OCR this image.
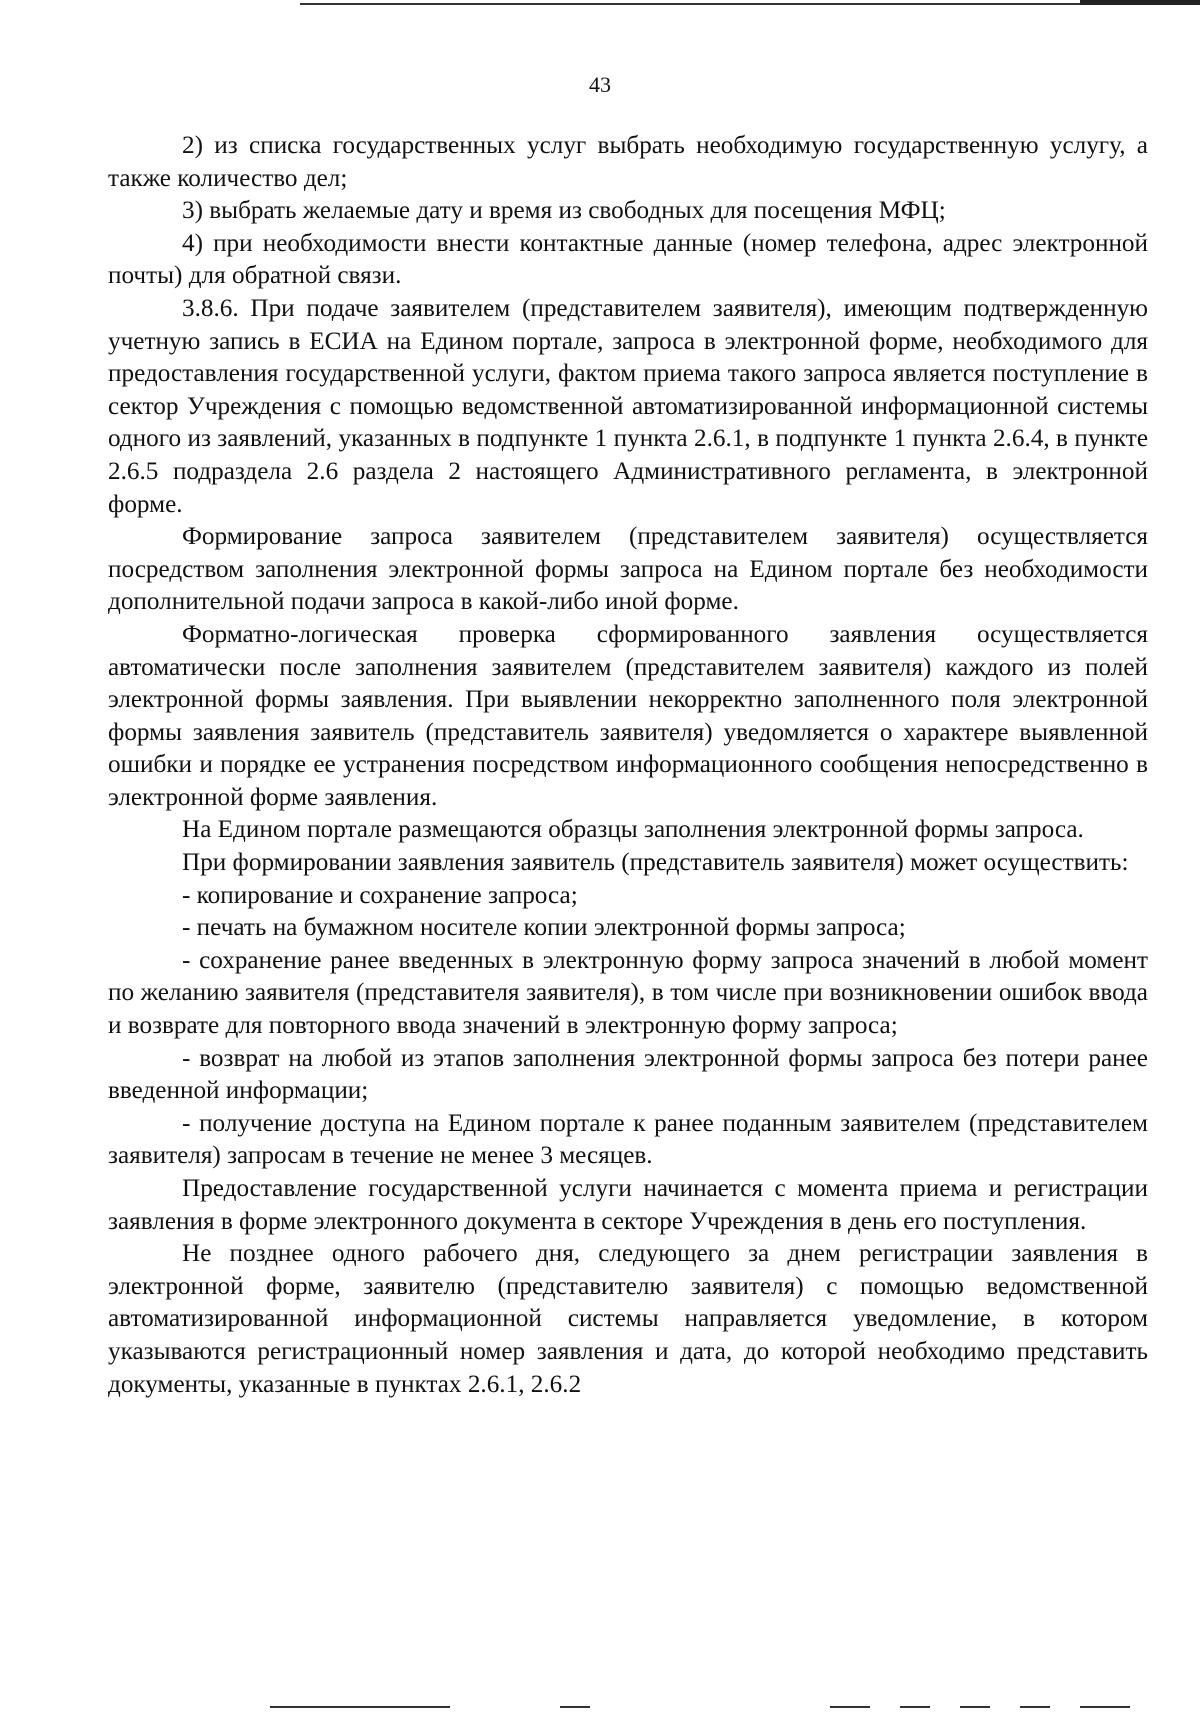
43

2) из списка государственных услуг выбрать необходимую государственную услугу, а также количество дел;

3) выбрать желаемые дату и время из свободных для посещения МФЦ;

4) при необходимости внести контактные данные (номер телефона, адрес электронной почты) для обратной связи.

3.8.6. При подаче заявителем (представителем заявителя), имеющим подтвержденную учетную запись в ЕСИА на Едином портале, запроса в электронной форме, необходимого для предоставления государственной услуги, фактом приема такого запроса является поступление в сектор Учреждения с помощью ведомственной автоматизированной информационной системы одного из заявлений, указанных в подпункте 1 пункта 2.6.1, в подпункте 1 пункта 2.6.4, в пункте 2.6.5 подраздела 2.6 раздела 2 настоящего Административного регламента, в электронной форме.

Формирование запроса заявителем (представителем заявителя) осуществляется посредством заполнения электронной формы запроса на Едином портале без необходимости дополнительной подачи запроса в какой-либо иной форме.

Форматно-логическая проверка сформированного заявления осуществляется автоматически после заполнения заявителем (представителем заявителя) каждого из полей электронной формы заявления. При выявлении некорректно заполненного поля электронной формы заявления заявитель (представитель заявителя) уведомляется о характере выявленной ошибки и порядке ее устранения посредством информационного сообщения непосредственно в электронной форме заявления.

На Едином портале размещаются образцы заполнения электронной формы запроса.

При формировании заявления заявитель (представитель заявителя) может осуществить:

- копирование и сохранение запроса;

- печать на бумажном носителе копии электронной формы запроса;

- сохранение ранее введенных в электронную форму запроса значений в любой момент по желанию заявителя (представителя заявителя), в том числе при возникновении ошибок ввода и возврате для повторного ввода значений в электронную форму запроса;

- возврат на любой из этапов заполнения электронной формы запроса без потери ранее введенной информации;

- получение доступа на Едином портале к ранее поданным заявителем (представителем заявителя) запросам в течение не менее 3 месяцев.

Предоставление государственной услуги начинается с момента приема и регистрации заявления в форме электронного документа в секторе Учреждения в день его поступления.

Не позднее одного рабочего дня, следующего за днем регистрации заявления в электронной форме, заявителю (представителю заявителя) с помощью ведомственной автоматизированной информационной системы направляется уведомление, в котором указываются регистрационный номер заявления и дата, до которой необходимо представить документы, указанные в пунктах 2.6.1, 2.6.2
